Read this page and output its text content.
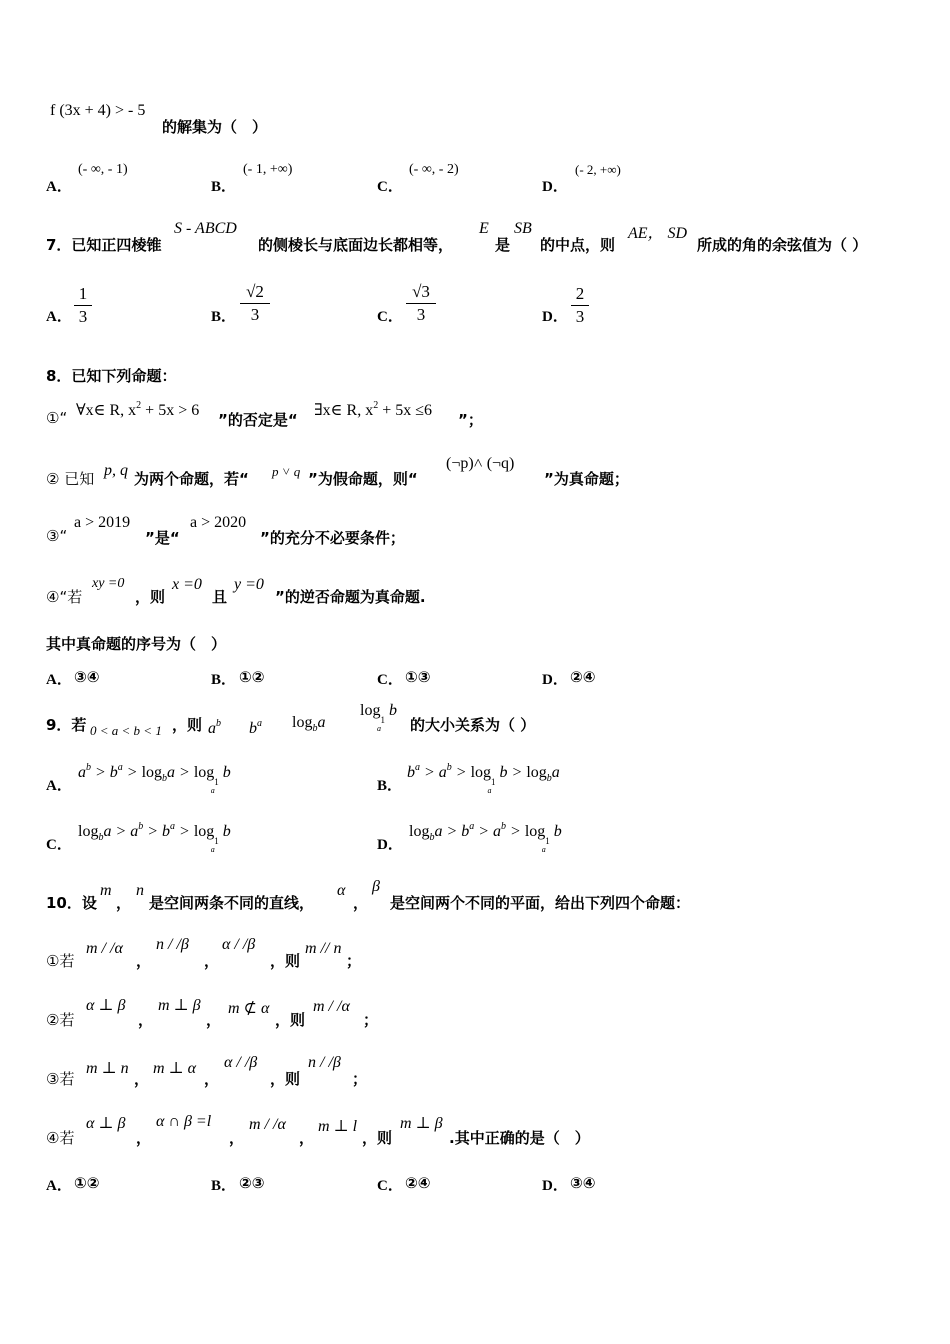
f (3x + 4) > - 5
的解集为（　）
A．
(- ∞, - 1)
B．
(- 1, +∞)
C．
(- ∞, - 2)
D．
(- 2, +∞)
7．已知正四棱锥
S - ABCD
的侧棱长与底面边长都相等，
E
是
SB
的中点，则
AE， SD
所成的角的余弦值为（ ）
A．
1
3	B．
√2
3	C．
√3
3	D．
2
3
8．已知下列命题：
①“ ∀x∈ R, $x^2 + 5x > 6$
”的否定是“
∃x∈ R, $x^2 + 5x \le 6$
”；
② 已知 p, q 为两个命题，若“ p ˅ q ”为假命题，则“
(¬p)˄ (¬q)
”为真命题；
③“
a > 2019
”是“
a > 2020
”的充分不必要条件；
④“若
xy =0
，则
x =0
且
y =0
”的逆否命题为真命题.
其中真命题的序号为（　）
A． ③④	B． ①②	C． ①③	D． ②④
9．若 0 < a < b < 1 ，则 $a^b$ $b^a$ $\log_ba$
$\log_{1a}b$
的大小关系为（ ）
A．
$a^b > b^a > \log_ba > \log_{1a}b$
B．
$b^a > a^b > \log_{1a}b > \log_ba$
C．
$\log_ba > a^b > b^a > \log_{1a}b$
D．
$\log_ba > b^a > a^b > \log_{1a}b$
10．设
m
，
n
是空间两条不同的直线，
α
，
β
是空间两个不同的平面，给出下列四个命题：
①若
m / /α
，
n / /β
，
α / /β
，则
m // n
；
②若
α ⊥ β
，
m ⊥ β
，
m ⊄ α
，则
m / /α
；
③若
m ⊥ n
，
m ⊥ α
，
α / /β
，则
n / /β
；
④若
α ⊥ β
，
α ∩ β =l
，
m / /α
，
m ⊥ l
，则
m ⊥ β
.其中正确的是（　）
A． ①②	B． ②③	C． ②④	D． ③④
